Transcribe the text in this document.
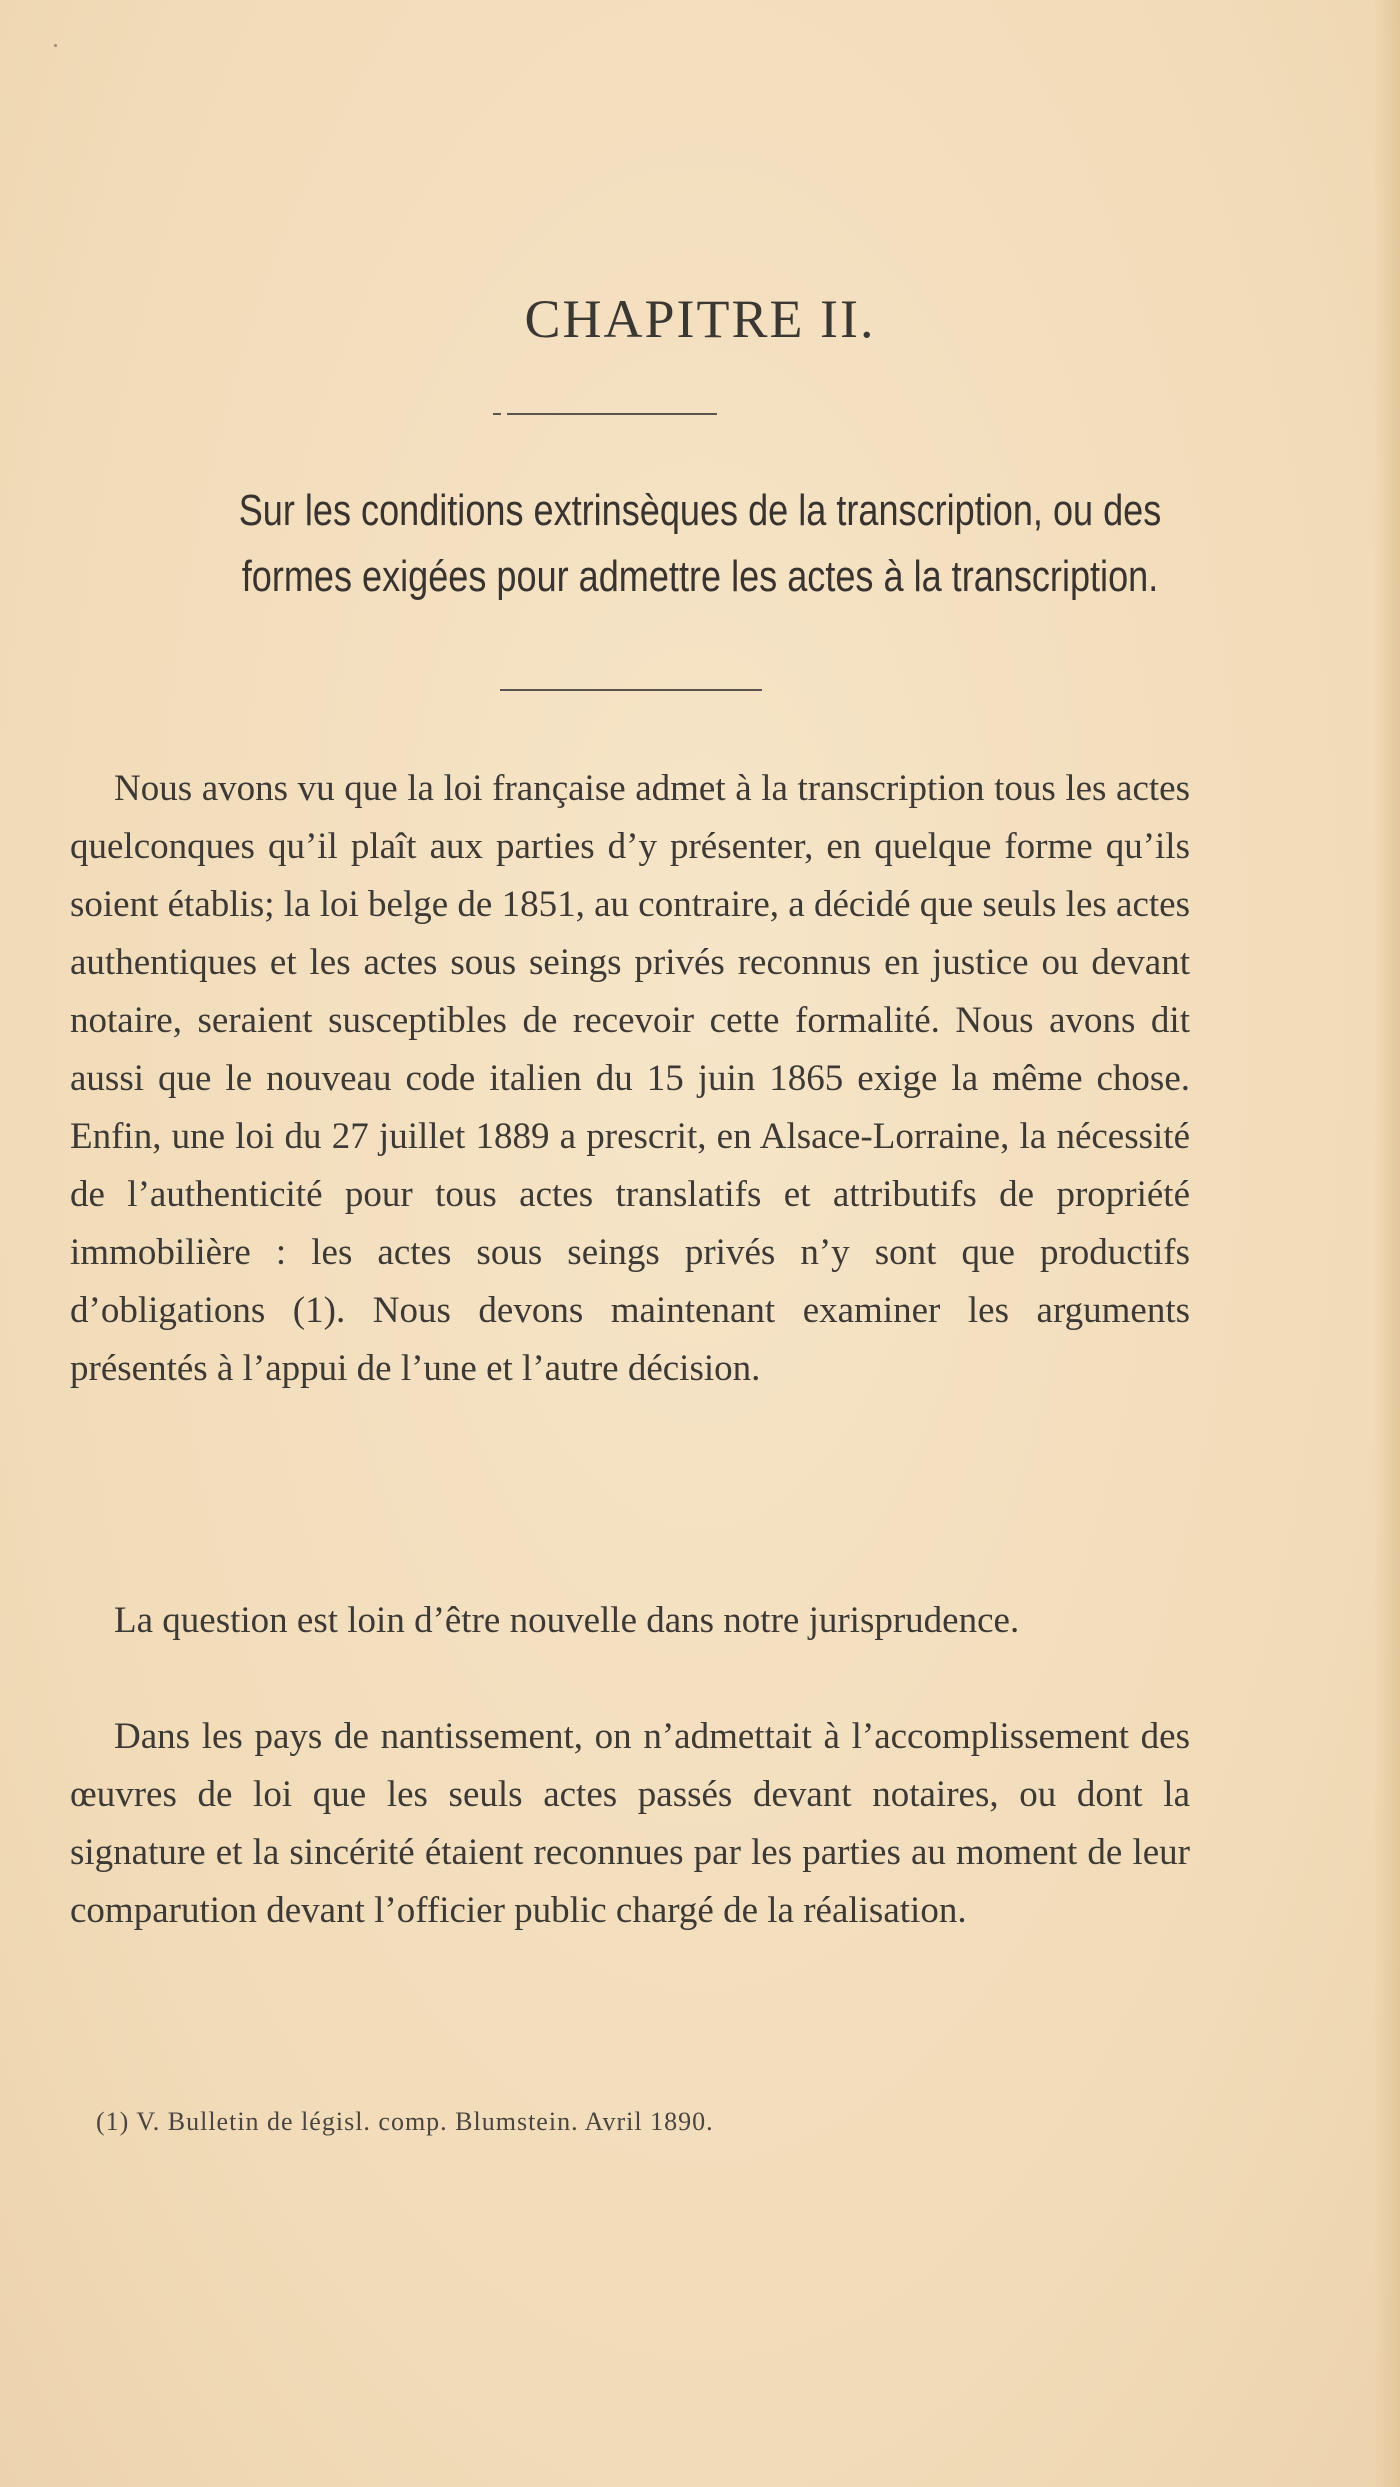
CHAPITRE II.
Sur les conditions extrinsèques de la transcription, ou des
formes exigées pour admettre les actes à la transcription.

Nous avons vu que la loi française admet à la transcription tous les actes quelconques qu’il plaît aux parties d’y présenter, en quelque forme qu’ils soient établis; la loi belge de 1851, au contraire, a décidé que seuls les actes authentiques et les actes sous seings privés reconnus en justice ou devant notaire, seraient susceptibles de recevoir cette formalité. Nous avons dit aussi que le nouveau code italien du 15 juin 1865 exige la même chose. Enfin, une loi du 27 juillet 1889 a prescrit, en Alsace-Lorraine, la nécessité de l’authenticité pour tous actes translatifs et attributifs de propriété immobilière : les actes sous seings privés n’y sont que productifs d’obligations (1). Nous devons maintenant examiner les arguments présentés à l’appui de l’une et l’autre décision.

La question est loin d’être nouvelle dans notre jurisprudence.

Dans les pays de nantissement, on n’admettait à l’accomplissement des œuvres de loi que les seuls actes passés devant notaires, ou dont la signature et la sincérité étaient reconnues par les parties au moment de leur comparution devant l’officier public chargé de la réalisation.

(1) V. Bulletin de législ. comp. Blumstein. Avril 1890.
